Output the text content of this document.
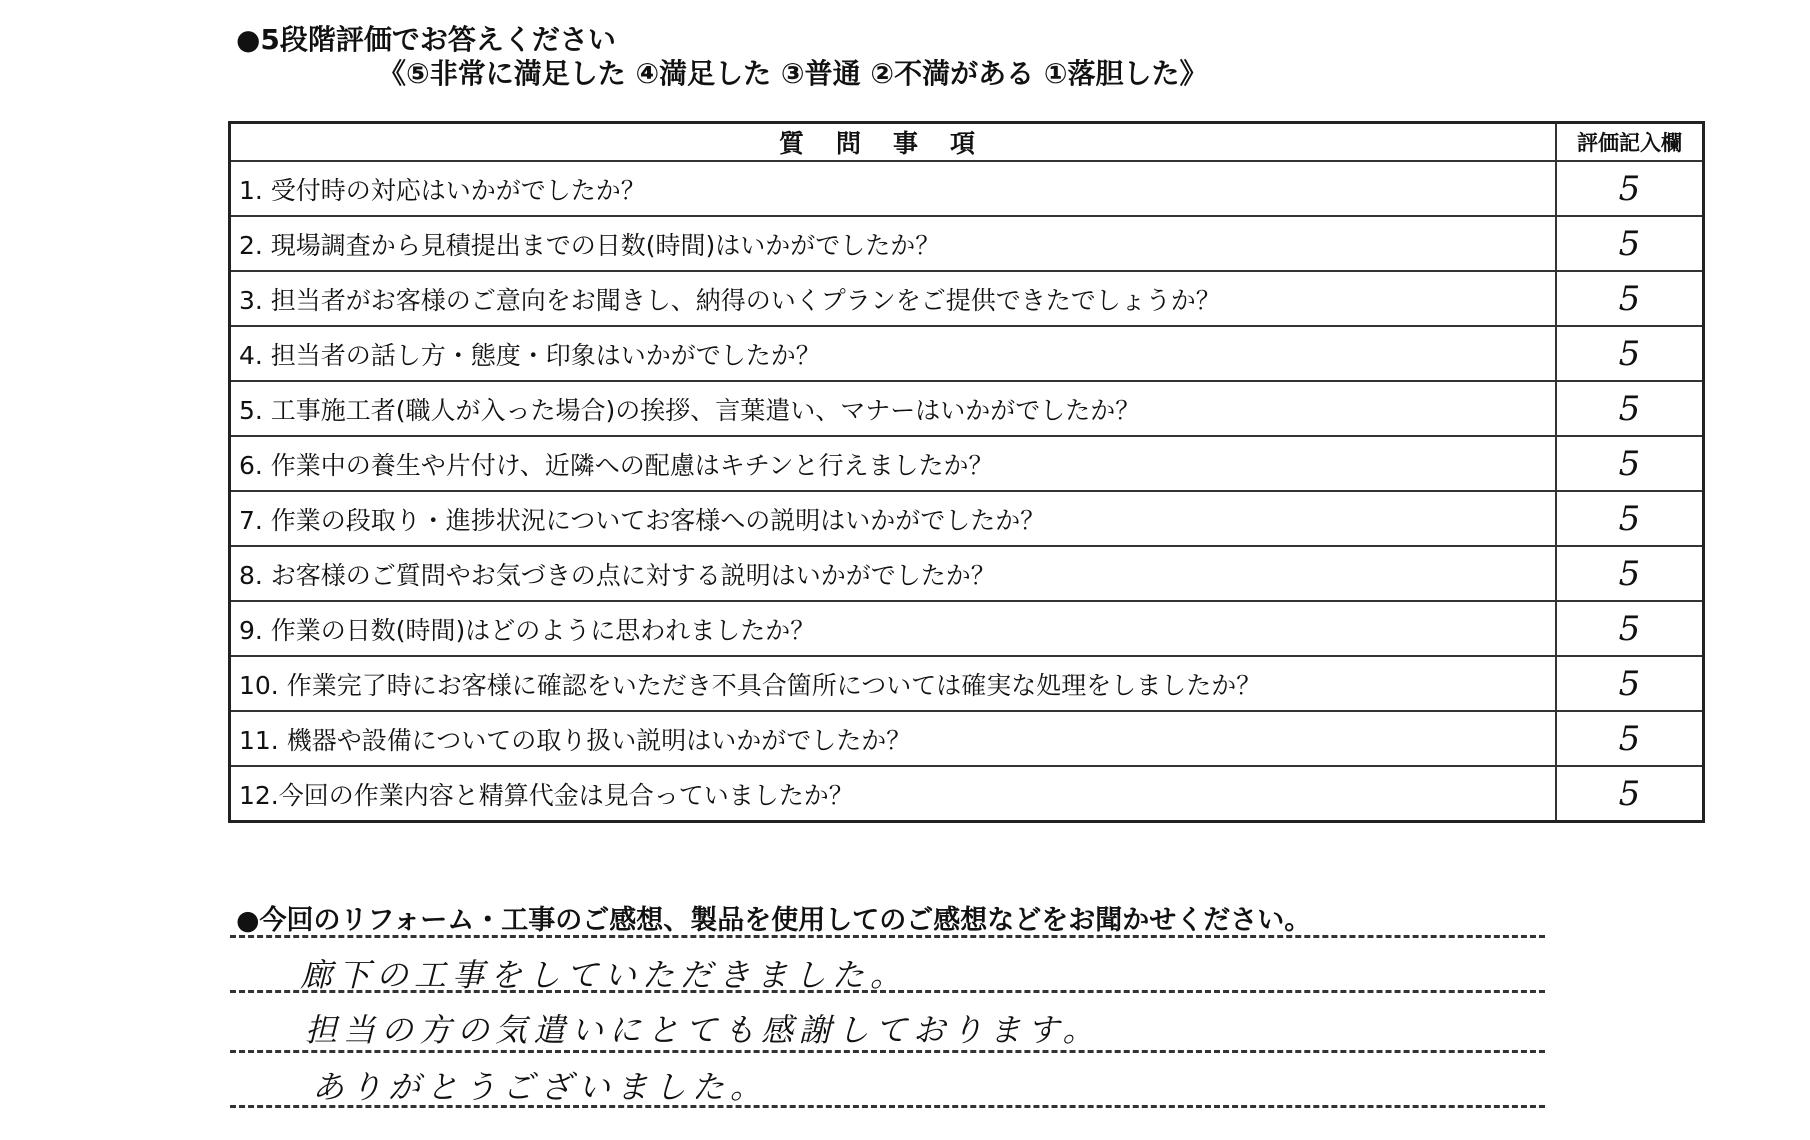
●5段階評価でお答えください
《⑤非常に満足した ④満足した ③普通 ②不満がある ①落胆した》
質問事項	評価記入欄
1. 受付時の対応はいかがでしたか？	5
2. 現場調査から見積提出までの日数(時間)はいかがでしたか？	5
3. 担当者がお客様のご意向をお聞きし、納得のいくプランをご提供できたでしょうか？	5
4. 担当者の話し方・態度・印象はいかがでしたか？	5
5. 工事施工者(職人が入った場合)の挨拶、言葉遣い、マナーはいかがでしたか？	5
6. 作業中の養生や片付け、近隣への配慮はキチンと行えましたか？	5
7. 作業の段取り・進捗状況についてお客様への説明はいかがでしたか？	5
8. お客様のご質問やお気づきの点に対する説明はいかがでしたか？	5
9. 作業の日数(時間)はどのように思われましたか？	5
10. 作業完了時にお客様に確認をいただき不具合箇所については確実な処理をしましたか？	5
11. 機器や設備についての取り扱い説明はいかがでしたか？	5
12.今回の作業内容と精算代金は見合っていましたか？	5
●今回のリフォーム・工事のご感想、製品を使用してのご感想などをお聞かせください。
廊下の工事をしていただきました。
担当の方の気遣いにとても感謝しております。
ありがとうございました。
